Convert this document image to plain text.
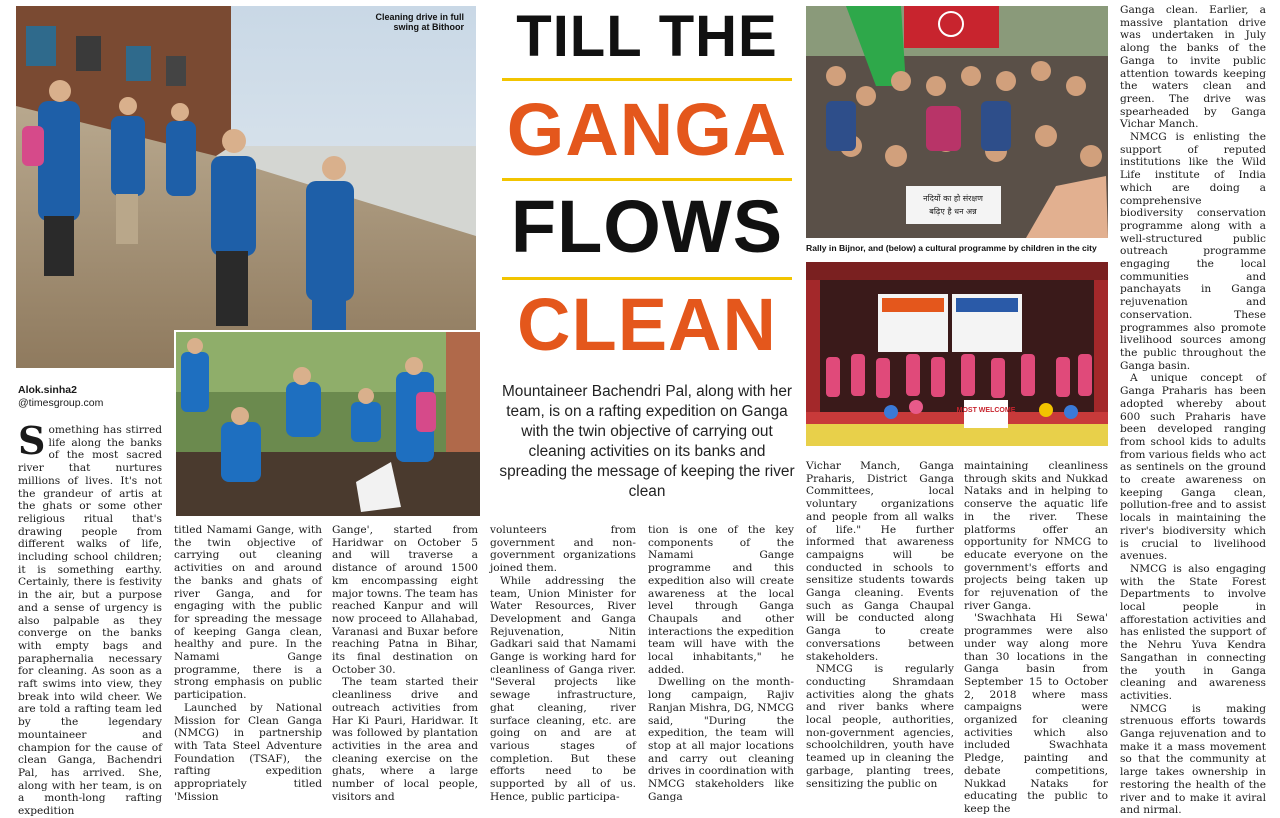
Cleaning drive in full
swing at Bithoor
Alok.sinha2
@timesgroup.com

Something has stirred life along the banks of the most sacred river that nurtures millions of lives. It's not the grandeur of artis at the ghats or some other religious ritual that's drawing people from different walks of life, including school children; it is something earthy. Certainly, there is festivity in the air, but a purpose and a sense of urgency is also palpable as they converge on the banks with empty bags and paraphernalia necessary for cleaning. As soon as a raft swims into view, they break into wild cheer. We are told a rafting team led by the legendary mountaineer and champion for the cause of clean Ganga, Bachendri Pal, has arrived. She, along with her team, is on a month-long rafting expedition

titled Namami Gange, with the twin objective of carrying out cleaning activities on and around the banks and ghats of river Ganga, and for engaging with the public for spreading the message of keeping Ganga clean, healthy and pure. In the Namami Gange programme, there is a strong emphasis on public participation.

Launched by National Mission for Clean Ganga (NMCG) in partnership with Tata Steel Adventure Foundation (TSAF), the rafting expedition appropriately titled 'Mission

Gange', started from Haridwar on October 5 and will traverse a distance of around 1500 km encompassing eight major towns. The team has reached Kanpur and will now proceed to Allahabad, Varanasi and Buxar before reaching Patna in Bihar, its final destination on October 30.

The team started their cleanliness drive and outreach activities from Har Ki Pauri, Haridwar. It was followed by plantation activities in the area and cleaning exercise on the ghats, where a large number of local people, visitors and

TILL THE
GANGA
FLOWS
CLEAN
Mountaineer Bachendri Pal, along with her team, is on a rafting expedition on Ganga with the twin objective of carrying out cleaning activities on its banks and spreading the message of keeping the river clean

volunteers from government and non-government organizations joined them.

While addressing the team, Union Minister for Water Resources, River Development and Ganga Rejuvenation, Nitin Gadkari said that Namami Gange is working hard for cleanliness of Ganga river. "Several projects like sewage infrastructure, ghat cleaning, river surface cleaning, etc. are going on and are at various stages of completion. But these efforts need to be supported by all of us. Hence, public participa-

tion is one of the key components of the Namami Gange programme and this expedition also will create awareness at the local level through Ganga Chaupals and other interactions the expedition team will have with the local inhabitants," he added.

Dwelling on the month-long campaign, Rajiv Ranjan Mishra, DG, NMCG said, "During the expedition, the team will stop at all major locations and carry out cleaning drives in coordination with NMCG stakeholders like Ganga

नदियों का हो संरक्षण
बढ़िए है धन अन्न
Rally in Bijnor, and (below) a cultural programme by children in the city
MOST WELCOME

Vichar Manch, Ganga Praharis, District Ganga Committees, local voluntary organizations and people from all walks of life." He further informed that awareness campaigns will be conducted in schools to sensitize students towards Ganga cleaning. Events such as Ganga Chaupal will be conducted along Ganga to create conversations between stakeholders.

NMCG is regularly conducting Shramdaan activities along the ghats and river banks where local people, authorities, non-government agencies, schoolchildren, youth have teamed up in cleaning the garbage, planting trees, sensitizing the public on

maintaining cleanliness through skits and Nukkad Nataks and in helping to conserve the aquatic life in the river. These platforms offer an opportunity for NMCG to educate everyone on the government's efforts and projects being taken up for rejuvenation of the river Ganga.

'Swachhata Hi Sewa' programmes were also under way along more than 30 locations in the Ganga basin from September 15 to October 2, 2018 where mass campaigns were organized for cleaning activities which also included Swachhata Pledge, painting and debate competitions, Nukkad Nataks for educating the public to keep the

Ganga clean. Earlier, a massive plantation drive was undertaken in July along the banks of the Ganga to invite public attention towards keeping the waters clean and green. The drive was spearheaded by Ganga Vichar Manch.

NMCG is enlisting the support of reputed institutions like the Wild Life institute of India which are doing a comprehensive biodiversity conservation programme along with a well-structured public outreach programme engaging the local communities and panchayats in Ganga rejuvenation and conservation. These programmes also promote livelihood sources among the public throughout the Ganga basin.

A unique concept of Ganga Praharis has been adopted whereby about 600 such Praharis have been developed ranging from school kids to adults from various fields who act as sentinels on the ground to create awareness on keeping Ganga clean, pollution-free and to assist locals in maintaining the river's biodiversity which is crucial to livelihood avenues.

NMCG is also engaging with the State Forest Departments to involve local people in afforestation activities and has enlisted the support of the Nehru Yuva Kendra Sangathan in connecting the youth in Ganga cleaning and awareness activities.

NMCG is making strenuous efforts towards Ganga rejuvenation and to make it a mass movement so that the community at large takes ownership in restoring the health of the river and to make it aviral and nirmal.
